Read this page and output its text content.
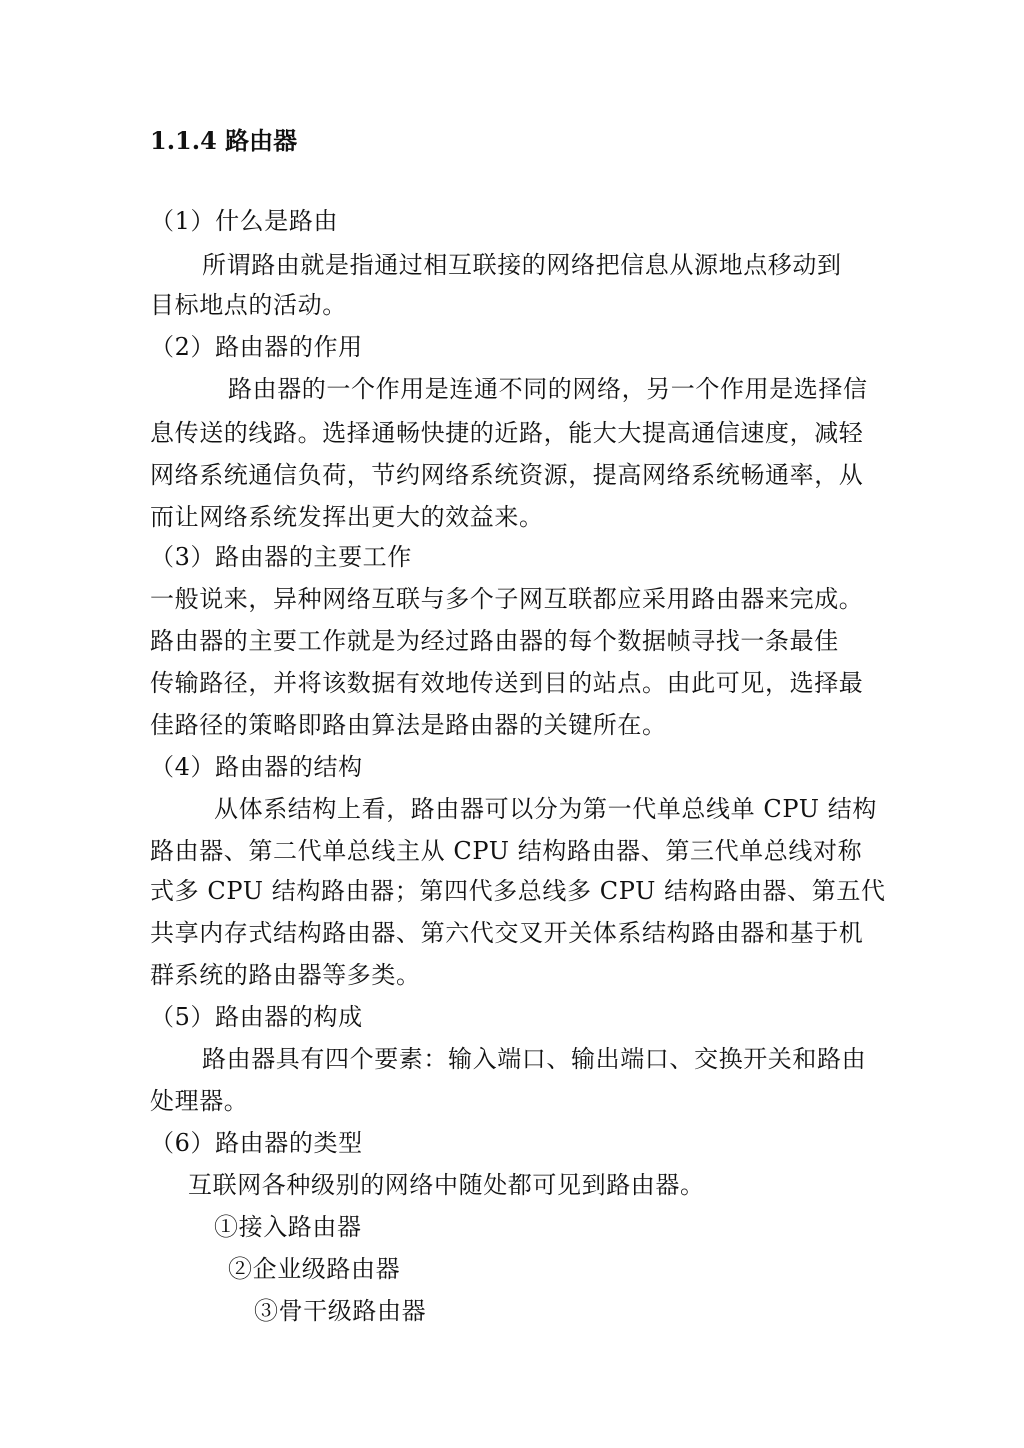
1.1.4 路由器
（1）什么是路由
所谓路由就是指通过相互联接的网络把信息从源地点移动到
目标地点的活动。
（2）路由器的作用
路由器的一个作用是连通不同的网络，另一个作用是选择信
息传送的线路。选择通畅快捷的近路，能大大提高通信速度，减轻
网络系统通信负荷，节约网络系统资源，提高网络系统畅通率，从
而让网络系统发挥出更大的效益来。
（3）路由器的主要工作
一般说来，异种网络互联与多个子网互联都应采用路由器来完成。
路由器的主要工作就是为经过路由器的每个数据帧寻找一条最佳
传输路径，并将该数据有效地传送到目的站点。由此可见，选择最
佳路径的策略即路由算法是路由器的关键所在。
（4）路由器的结构
从体系结构上看，路由器可以分为第一代单总线单 CPU 结构
路由器、第二代单总线主从 CPU 结构路由器、第三代单总线对称
式多 CPU 结构路由器；第四代多总线多 CPU 结构路由器、第五代
共享内存式结构路由器、第六代交叉开关体系结构路由器和基于机
群系统的路由器等多类。
（5）路由器的构成
路由器具有四个要素：输入端口、输出端口、交换开关和路由
处理器。
（6）路由器的类型
互联网各种级别的网络中随处都可见到路由器。
①接入路由器
②企业级路由器
③骨干级路由器
